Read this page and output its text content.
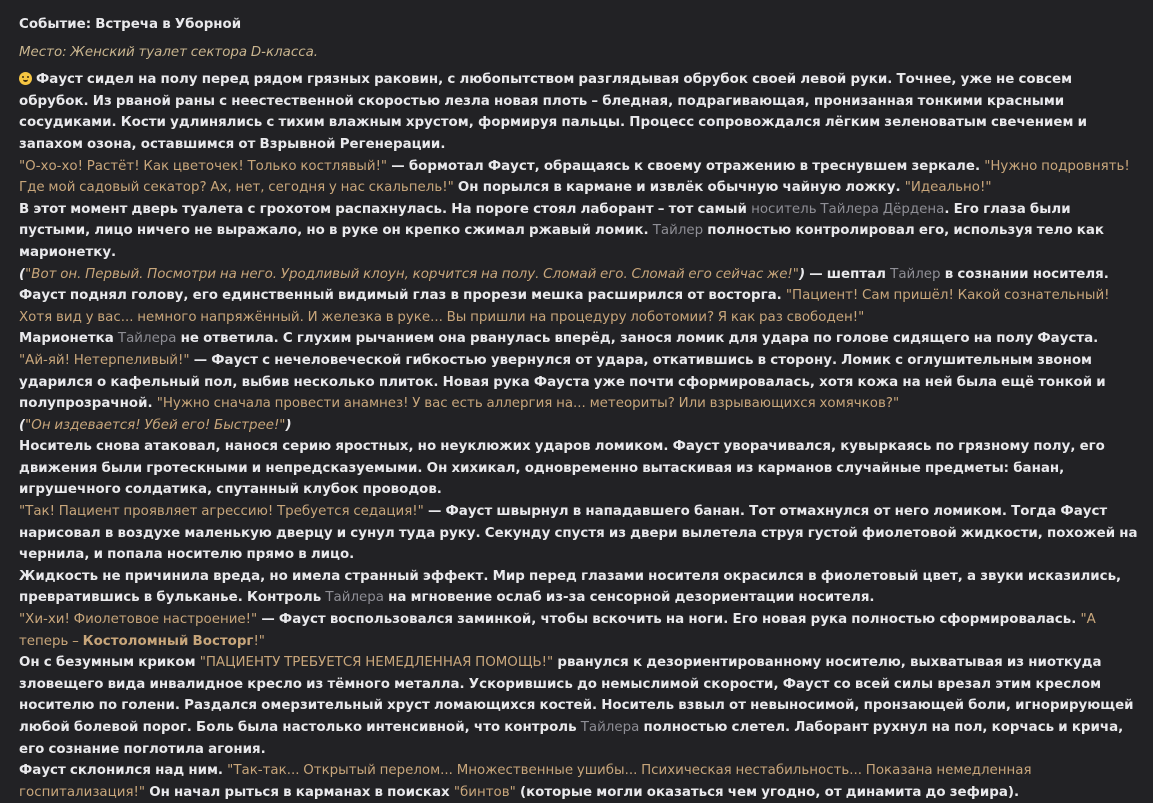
Событие: Встреча в Уборной

Место: Женский туалет сектора D-класса.

Фауст сидел на полу перед рядом грязных раковин, с любопытством разглядывая обрубок своей левой руки. Точнее, уже не совсем обрубок. Из рваной раны с неестественной скоростью лезла новая плоть – бледная, подрагивающая, пронизанная тонкими красными сосудиками. Кости удлинялись с тихим влажным хрустом, формируя пальцы. Процесс сопровождался лёгким зеленоватым свечением и запахом озона, оставшимся от Взрывной Регенерации.

"О-хо-хо! Растёт! Как цветочек! Только костлявый!" — бормотал Фауст, обращаясь к своему отражению в треснувшем зеркале. "Нужно подровнять! Где мой садовый секатор? Ах, нет, сегодня у нас скальпель!" Он порылся в кармане и извлёк обычную чайную ложку. "Идеально!"

В этот момент дверь туалета с грохотом распахнулась. На пороге стоял лаборант – тот самый носитель Тайлера Дёрдена. Его глаза были пустыми, лицо ничего не выражало, но в руке он крепко сжимал ржавый ломик. Тайлер полностью контролировал его, используя тело как марионетку.

("Вот он. Первый. Посмотри на него. Уродливый клоун, корчится на полу. Сломай его. Сломай его сейчас же!") — шептал Тайлер в сознании носителя.

Фауст поднял голову, его единственный видимый глаз в прорези мешка расширился от восторга. "Пациент! Сам пришёл! Какой сознательный! Хотя вид у вас... немного напряжённый. И железка в руке... Вы пришли на процедуру лоботомии? Я как раз свободен!"

Марионетка Тайлера не ответила. С глухим рычанием она рванулась вперёд, занося ломик для удара по голове сидящего на полу Фауста.

"Ай-яй! Нетерпеливый!" — Фауст с нечеловеческой гибкостью увернулся от удара, откатившись в сторону. Ломик с оглушительным звоном ударился о кафельный пол, выбив несколько плиток. Новая рука Фауста уже почти сформировалась, хотя кожа на ней была ещё тонкой и полупрозрачной. "Нужно сначала провести анамнез! У вас есть аллергия на... метеориты? Или взрывающихся хомячков?"

("Он издевается! Убей его! Быстрее!")

Носитель снова атаковал, нанося серию яростных, но неуклюжих ударов ломиком. Фауст уворачивался, кувыркаясь по грязному полу, его движения были гротескными и непредсказуемыми. Он хихикал, одновременно вытаскивая из карманов случайные предметы: банан, игрушечного солдатика, спутанный клубок проводов.

"Так! Пациент проявляет агрессию! Требуется седация!" — Фауст швырнул в нападавшего банан. Тот отмахнулся от него ломиком. Тогда Фауст нарисовал в воздухе маленькую дверцу и сунул туда руку. Секунду спустя из двери вылетела струя густой фиолетовой жидкости, похожей на чернила, и попала носителю прямо в лицо.

Жидкость не причинила вреда, но имела странный эффект. Мир перед глазами носителя окрасился в фиолетовый цвет, а звуки исказились, превратившись в бульканье. Контроль Тайлера на мгновение ослаб из-за сенсорной дезориентации носителя.

"Хи-хи! Фиолетовое настроение!" — Фауст воспользовался заминкой, чтобы вскочить на ноги. Его новая рука полностью сформировалась. "А теперь – Костоломный Восторг!"

Он с безумным криком "ПАЦИЕНТУ ТРЕБУЕТСЯ НЕМЕДЛЕННАЯ ПОМОЩЬ!" рванулся к дезориентированному носителю, выхватывая из ниоткуда зловещего вида инвалидное кресло из тёмного металла. Ускорившись до немыслимой скорости, Фауст со всей силы врезал этим креслом носителю по голени. Раздался омерзительный хруст ломающихся костей. Носитель взвыл от невыносимой, пронзающей боли, игнорирующей любой болевой порог. Боль была настолько интенсивной, что контроль Тайлера полностью слетел. Лаборант рухнул на пол, корчась и крича, его сознание поглотила агония.

Фауст склонился над ним. "Так-так... Открытый перелом... Множественные ушибы... Психическая нестабильность... Показана немедленная госпитализация!" Он начал рыться в карманах в поисках "бинтов" (которые могли оказаться чем угодно, от динамита до зефира).
